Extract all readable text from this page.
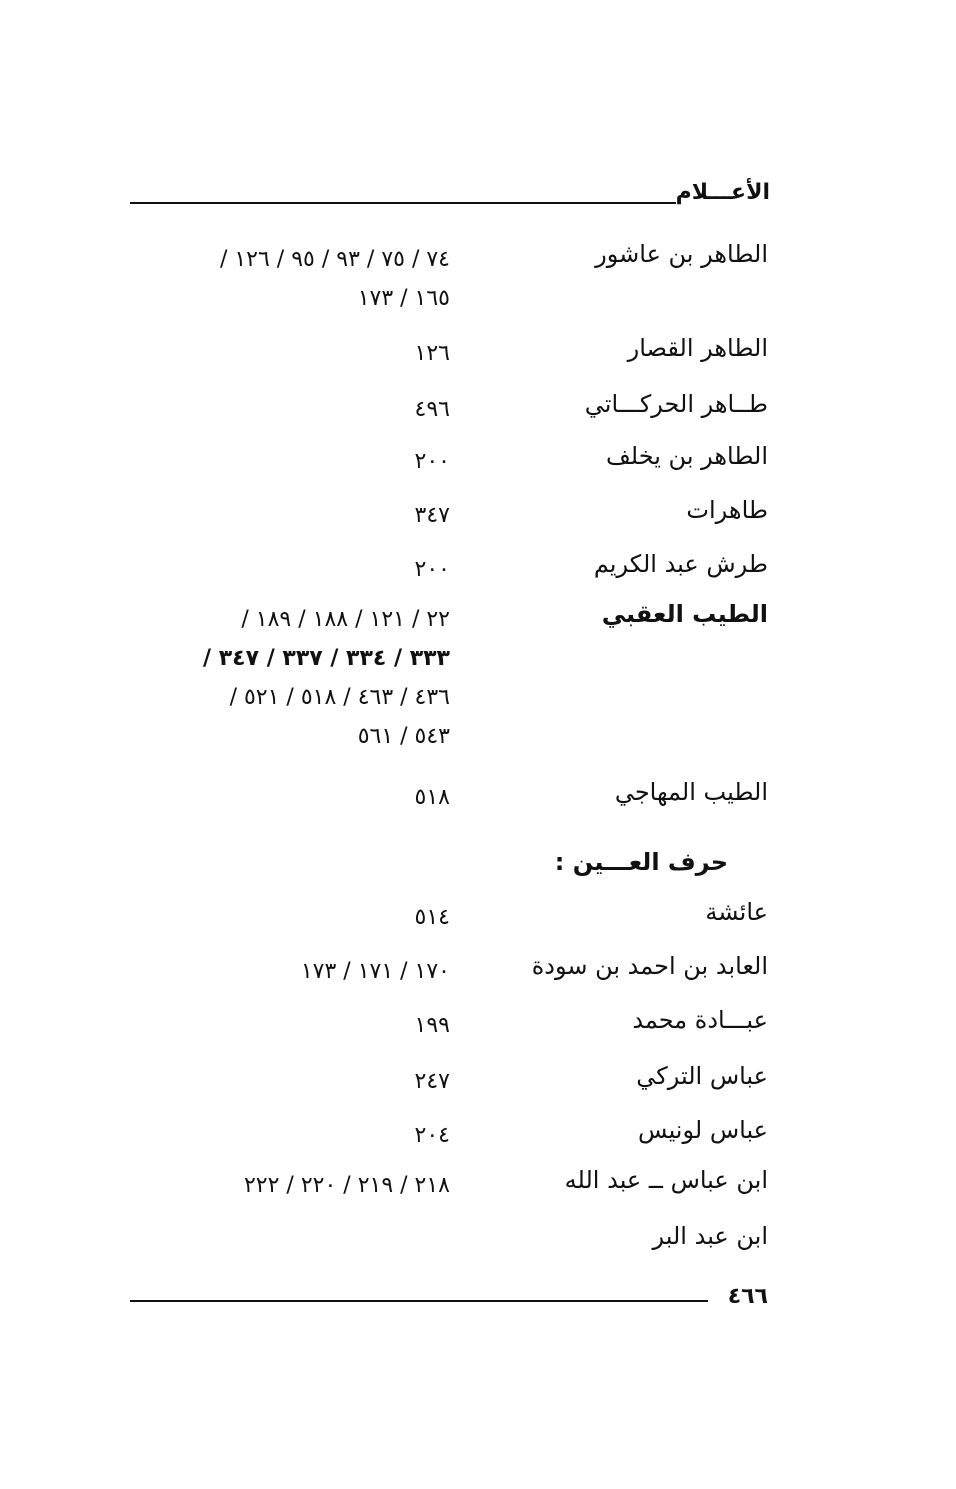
الأعـــلام
الطاهر بن عاشور
٧٤ / ٧٥ / ٩٣ / ٩٥ / ١٢٦ /
١٦٥ / ١٧٣
الطاهر القصار
١٢٦
طــاهر الحركـــاتي
٤٩٦
الطاهر بن يخلف
٢٠٠
طاهرات
٣٤٧
طرش عبد الكريم
٢٠٠
الطيب العقبي
٢٢ / ١٢١ / ١٨٨ / ١٨٩ /
٣٣٣ / ٣٣٤ / ٣٣٧ / ٣٤٧ /
٤٣٦ / ٤٦٣ / ٥١٨ / ٥٢١ /
٥٤٣ / ٥٦١
الطيب المهاجي
٥١٨
حرف العـــين :
عائشة
٥١٤
العابد بن احمد بن سودة
١٧٠ / ١٧١ / ١٧٣
عبـــادة محمد
١٩٩
عباس التركي
٢٤٧
عباس لونيس
٢٠٤
ابن عباس ــ عبد الله
٢١٨ / ٢١٩ / ٢٢٠ / ٢٢٢
ابن عبد البر
٤٦٦
